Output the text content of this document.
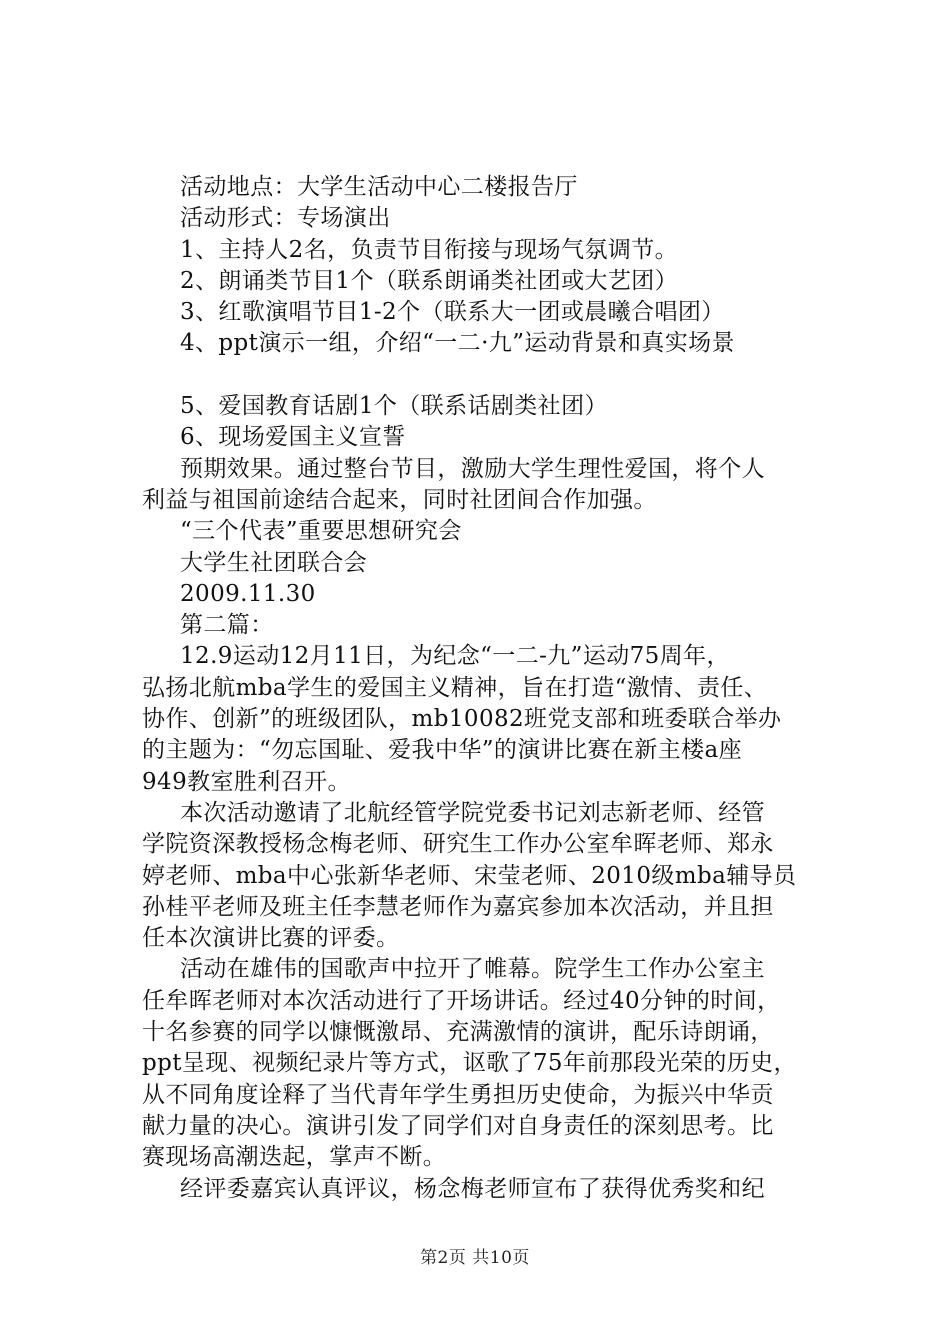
活动地点：大学生活动中心二楼报告厅
活动形式：专场演出
1、主持人2名，负责节目衔接与现场气氛调节。
2、朗诵类节目1个（联系朗诵类社团或大艺团）
3、红歌演唱节目1-2个（联系大一团或晨曦合唱团）
4、ppt演示一组，介绍“一二·九”运动背景和真实场景
5、爱国教育话剧1个（联系话剧类社团）
6、现场爱国主义宣誓
预期效果。通过整台节目，激励大学生理性爱国，将个人
利益与祖国前途结合起来，同时社团间合作加强。
“三个代表”重要思想研究会
大学生社团联合会
2009.11.30
第二篇：
12.9运动12月11日，为纪念“一二-九”运动75周年，
弘扬北航mba学生的爱国主义精神，旨在打造“激情、责任、
协作、创新”的班级团队，mb10082班党支部和班委联合举办
的主题为：“勿忘国耻、爱我中华”的演讲比赛在新主楼a座
949教室胜利召开。
本次活动邀请了北航经管学院党委书记刘志新老师、经管
学院资深教授杨念梅老师、研究生工作办公室牟晖老师、郑永
婷老师、mba中心张新华老师、宋莹老师、2010级mba辅导员
孙桂平老师及班主任李慧老师作为嘉宾参加本次活动，并且担
任本次演讲比赛的评委。
活动在雄伟的国歌声中拉开了帷幕。院学生工作办公室主
任牟晖老师对本次活动进行了开场讲话。经过40分钟的时间，
十名参赛的同学以慷慨激昂、充满激情的演讲，配乐诗朗诵，
ppt呈现、视频纪录片等方式，讴歌了75年前那段光荣的历史，
从不同角度诠释了当代青年学生勇担历史使命，为振兴中华贡
献力量的决心。演讲引发了同学们对自身责任的深刻思考。比
赛现场高潮迭起，掌声不断。
经评委嘉宾认真评议，杨念梅老师宣布了获得优秀奖和纪
第2页 共10页
